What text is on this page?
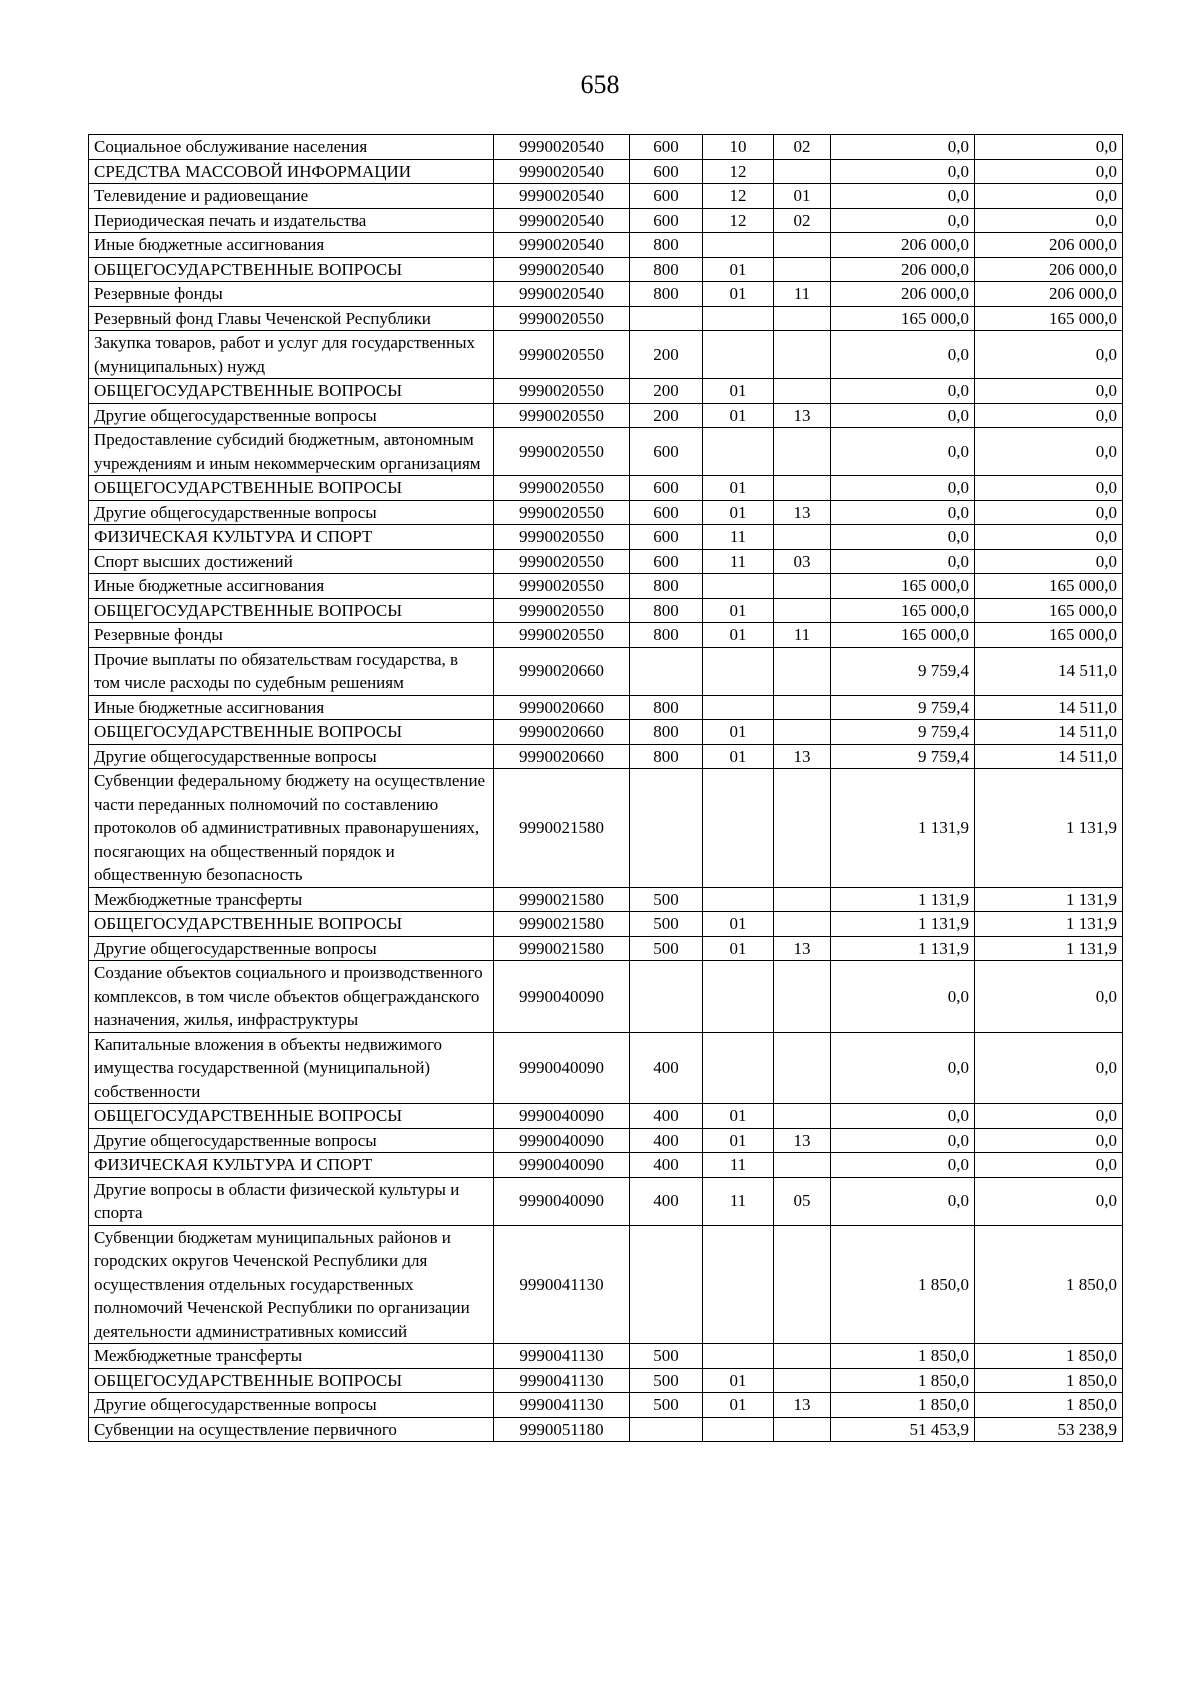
658
Социальное обслуживание населения	9990020540	600	10	02	0,0	0,0
СРЕДСТВА МАССОВОЙ ИНФОРМАЦИИ	9990020540	600	12		0,0	0,0
Телевидение и радиовещание	9990020540	600	12	01	0,0	0,0
Периодическая печать и издательства	9990020540	600	12	02	0,0	0,0
Иные бюджетные ассигнования	9990020540	800			206 000,0	206 000,0
ОБЩЕГОСУДАРСТВЕННЫЕ ВОПРОСЫ	9990020540	800	01		206 000,0	206 000,0
Резервные фонды	9990020540	800	01	11	206 000,0	206 000,0
Резервный фонд Главы Чеченской Республики	9990020550				165 000,0	165 000,0
Закупка товаров, работ и услуг для государственных (муниципальных) нужд	9990020550	200			0,0	0,0
ОБЩЕГОСУДАРСТВЕННЫЕ ВОПРОСЫ	9990020550	200	01		0,0	0,0
Другие общегосударственные вопросы	9990020550	200	01	13	0,0	0,0
Предоставление субсидий бюджетным, автономным учреждениям и иным некоммерческим организациям	9990020550	600			0,0	0,0
ОБЩЕГОСУДАРСТВЕННЫЕ ВОПРОСЫ	9990020550	600	01		0,0	0,0
Другие общегосударственные вопросы	9990020550	600	01	13	0,0	0,0
ФИЗИЧЕСКАЯ КУЛЬТУРА И СПОРТ	9990020550	600	11		0,0	0,0
Спорт высших достижений	9990020550	600	11	03	0,0	0,0
Иные бюджетные ассигнования	9990020550	800			165 000,0	165 000,0
ОБЩЕГОСУДАРСТВЕННЫЕ ВОПРОСЫ	9990020550	800	01		165 000,0	165 000,0
Резервные фонды	9990020550	800	01	11	165 000,0	165 000,0
Прочие выплаты по обязательствам государства, в том числе расходы по судебным решениям	9990020660				9 759,4	14 511,0
Иные бюджетные ассигнования	9990020660	800			9 759,4	14 511,0
ОБЩЕГОСУДАРСТВЕННЫЕ ВОПРОСЫ	9990020660	800	01		9 759,4	14 511,0
Другие общегосударственные вопросы	9990020660	800	01	13	9 759,4	14 511,0
Субвенции федеральному бюджету на осуществление части переданных полномочий по составлению протоколов об административных правонарушениях, посягающих на общественный порядок и общественную безопасность	9990021580				1 131,9	1 131,9
Межбюджетные трансферты	9990021580	500			1 131,9	1 131,9
ОБЩЕГОСУДАРСТВЕННЫЕ ВОПРОСЫ	9990021580	500	01		1 131,9	1 131,9
Другие общегосударственные вопросы	9990021580	500	01	13	1 131,9	1 131,9
Создание объектов социального и производственного комплексов, в том числе объектов общегражданского назначения, жилья, инфраструктуры	9990040090				0,0	0,0
Капитальные вложения в объекты недвижимого имущества государственной (муниципальной) собственности	9990040090	400			0,0	0,0
ОБЩЕГОСУДАРСТВЕННЫЕ ВОПРОСЫ	9990040090	400	01		0,0	0,0
Другие общегосударственные вопросы	9990040090	400	01	13	0,0	0,0
ФИЗИЧЕСКАЯ КУЛЬТУРА И СПОРТ	9990040090	400	11		0,0	0,0
Другие вопросы в области физической культуры и спорта	9990040090	400	11	05	0,0	0,0
Субвенции бюджетам муниципальных районов и городских округов Чеченской Республики для осуществления отдельных государственных полномочий Чеченской Республики по организации деятельности административных комиссий	9990041130				1 850,0	1 850,0
Межбюджетные трансферты	9990041130	500			1 850,0	1 850,0
ОБЩЕГОСУДАРСТВЕННЫЕ ВОПРОСЫ	9990041130	500	01		1 850,0	1 850,0
Другие общегосударственные вопросы	9990041130	500	01	13	1 850,0	1 850,0
Субвенции на осуществление первичного	9990051180				51 453,9	53 238,9
